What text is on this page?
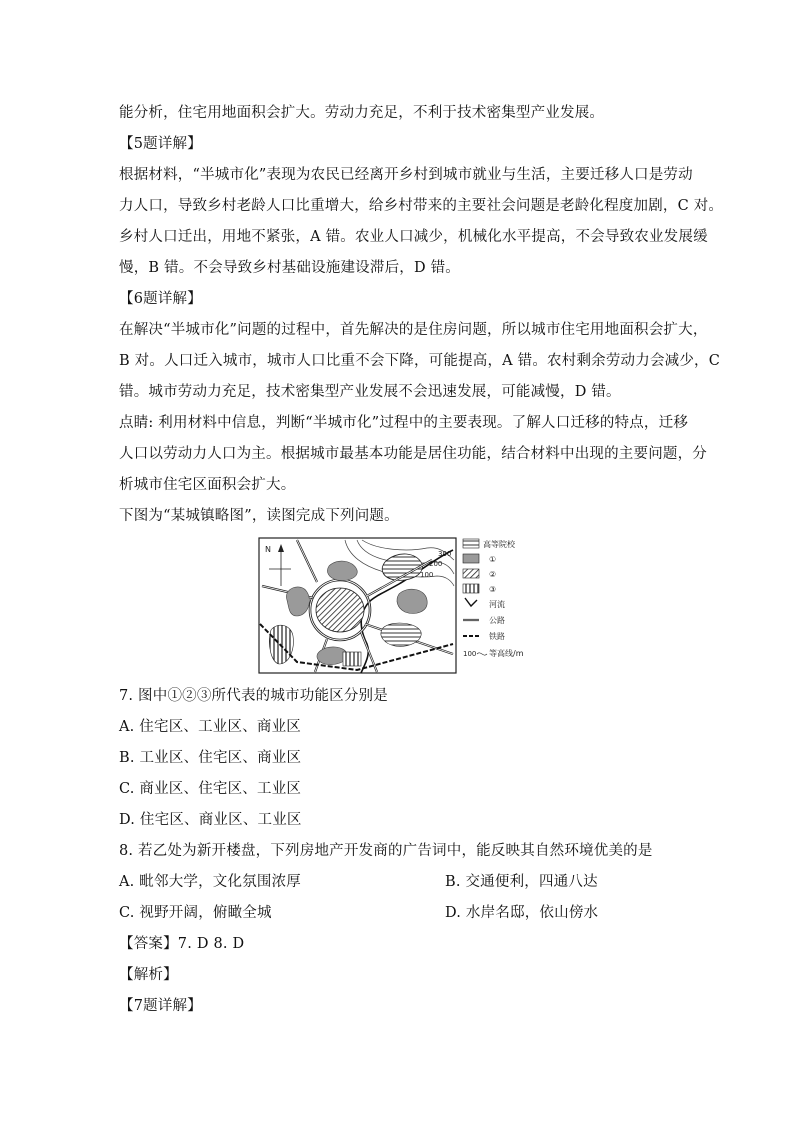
能分析，住宅用地面积会扩大。劳动力充足，不利于技术密集型产业发展。
【5题详解】
根据材料，“半城市化”表现为农民已经离开乡村到城市就业与生活，主要迁移人口是劳动
力人口，导致乡村老龄人口比重增大，给乡村带来的主要社会问题是老龄化程度加剧，C 对。
乡村人口迁出，用地不紧张，A 错。农业人口减少，机械化水平提高，不会导致农业发展缓
慢，B 错。不会导致乡村基础设施建设滞后，D 错。
【6题详解】
在解决“半城市化”问题的过程中，首先解决的是住房问题，所以城市住宅用地面积会扩大，
B 对。人口迁入城市，城市人口比重不会下降，可能提高，A 错。农村剩余劳动力会减少，C
错。城市劳动力充足，技术密集型产业发展不会迅速发展，可能减慢，D 错。
点睛: 利用材料中信息，判断“半城市化”过程中的主要表现。了解人口迁移的特点，迁移
人口以劳动力人口为主。根据城市最基本功能是居住功能，结合材料中出现的主要问题，分
析城市住宅区面积会扩大。
下图为“某城镇略图”，读图完成下列问题。
300
200
100
N
高等院校
①
②
③
河流
公路
铁路
100 等高线/m
7. 图中①②③所代表的城市功能区分别是
A. 住宅区、工业区、商业区
B. 工业区、住宅区、商业区
C. 商业区、住宅区、工业区
D. 住宅区、商业区、工业区
8. 若乙处为新开楼盘，下列房地产开发商的广告词中，能反映其自然环境优美的是
A. 毗邻大学，文化氛围浓厚	B. 交通便利，四通八达
C. 视野开阔，俯瞰全城	D. 水岸名邸，依山傍水
【答案】7. D 8. D
【解析】
【7题详解】
